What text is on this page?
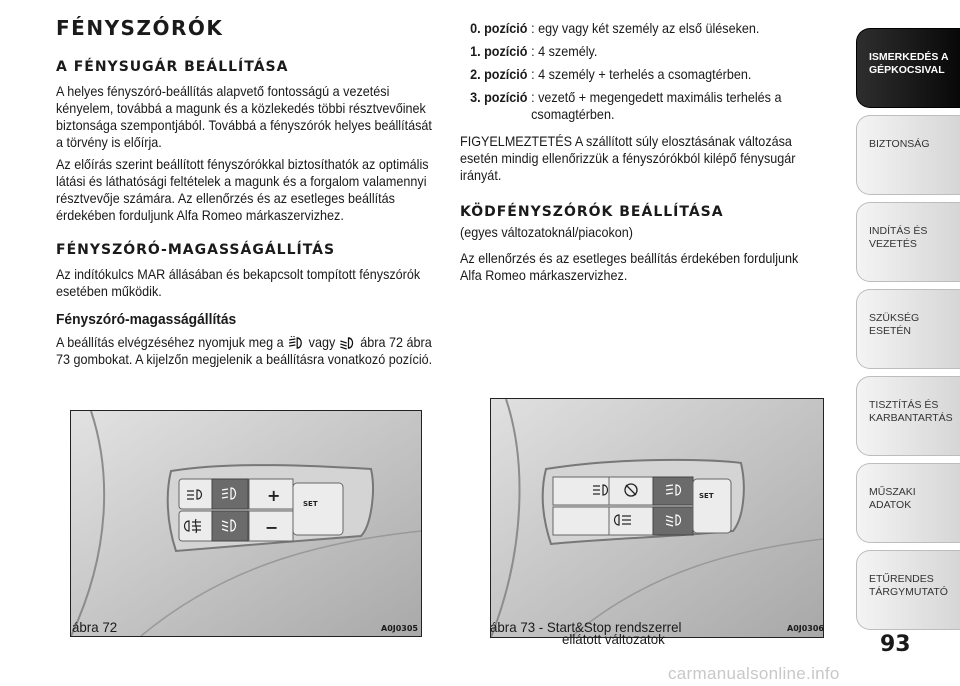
FÉNYSZÓRÓK
A FÉNYSUGÁR BEÁLLÍTÁSA
A helyes fényszóró-beállítás alapvető fontosságú a vezetési kényelem, továbbá a magunk és a közlekedés többi résztvevőinek biztonsága szempontjából. Továbbá a fényszórók helyes beállítását a törvény is előírja.
Az előírás szerint beállított fényszórókkal biztosíthatók az optimális látási és láthatósági feltételek a magunk és a forgalom valamennyi résztvevője számára. Az ellenőrzés és az esetleges beállítás érdekében forduljunk Alfa Romeo márkaszervizhez.
FÉNYSZÓRÓ-MAGASSÁGÁLLÍTÁS
Az indítókulcs MAR állásában és bekapcsolt tompított fényszórók esetében működik.
Fényszóró-magasságállítás
A beállítás elvégzéséhez nyomjuk meg a vagy ábra 72 ábra 73 gombokat. A kijelzőn megjelenik a beállításra vonatkozó pozíció.
0. pozíció : egy vagy két személy az első üléseken.
1. pozíció : 4 személy.
2. pozíció : 4 személy + terhelés a csomagtérben.
3. pozíció : vezető + megengedett maximális terhelés a csomagtérben.
FIGYELMEZTETÉS A szállított súly elosztásának változása esetén mindig ellenőrizzük a fényszórókból kilépő fénysugár irányát.
KÖDFÉNYSZÓRÓK BEÁLLÍTÁSA
(egyes változatoknál/piacokon)
Az ellenőrzés és az esetleges beállítás érdekében forduljunk Alfa Romeo márkaszervizhez.
+
−
SET
ábra 72	A0J0305
SET
ábra 73 - Start&Stop rendszerrel
ellátott változatok
A0J0306
ISMERKEDÉS A GÉPKOCSIVAL
BIZTONSÁG
INDÍTÁS ÉS VEZETÉS
SZÜKSÉG ESETÉN
TISZTÍTÁS ÉS KARBANTARTÁS
MŰSZAKI ADATOK
ETŰRENDES TÁRGYMUTATÓ
93
carmanualsonline.info
